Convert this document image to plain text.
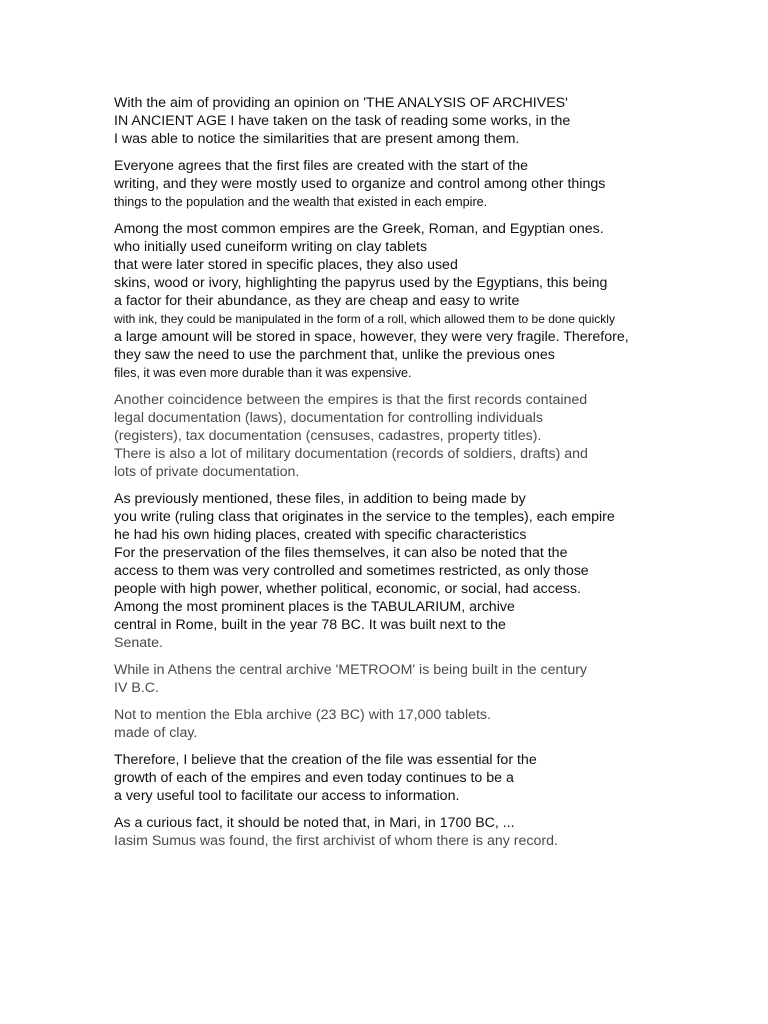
With the aim of providing an opinion on 'THE ANALYSIS OF ARCHIVES'
IN ANCIENT AGE I have taken on the task of reading some works, in the
I was able to notice the similarities that are present among them.
Everyone agrees that the first files are created with the start of the
writing, and they were mostly used to organize and control among other things
things to the population and the wealth that existed in each empire.
Among the most common empires are the Greek, Roman, and Egyptian ones.
who initially used cuneiform writing on clay tablets
that were later stored in specific places, they also used
skins, wood or ivory, highlighting the papyrus used by the Egyptians, this being
a factor for their abundance, as they are cheap and easy to write
with ink, they could be manipulated in the form of a roll, which allowed them to be done quickly
a large amount will be stored in space, however, they were very fragile. Therefore,
they saw the need to use the parchment that, unlike the previous ones
files, it was even more durable than it was expensive.
Another coincidence between the empires is that the first records contained
legal documentation (laws), documentation for controlling individuals
(registers), tax documentation (censuses, cadastres, property titles).
There is also a lot of military documentation (records of soldiers, drafts) and
lots of private documentation.
As previously mentioned, these files, in addition to being made by
you write (ruling class that originates in the service to the temples), each empire
he had his own hiding places, created with specific characteristics
For the preservation of the files themselves, it can also be noted that the
access to them was very controlled and sometimes restricted, as only those
people with high power, whether political, economic, or social, had access.
Among the most prominent places is the TABULARIUM, archive
central in Rome, built in the year 78 BC. It was built next to the
Senate.
While in Athens the central archive 'METROOM' is being built in the century
IV B.C.
Not to mention the Ebla archive (23 BC) with 17,000 tablets.
made of clay.
Therefore, I believe that the creation of the file was essential for the
growth of each of the empires and even today continues to be a
a very useful tool to facilitate our access to information.
As a curious fact, it should be noted that, in Mari, in 1700 BC, ...
Iasim Sumus was found, the first archivist of whom there is any record.
